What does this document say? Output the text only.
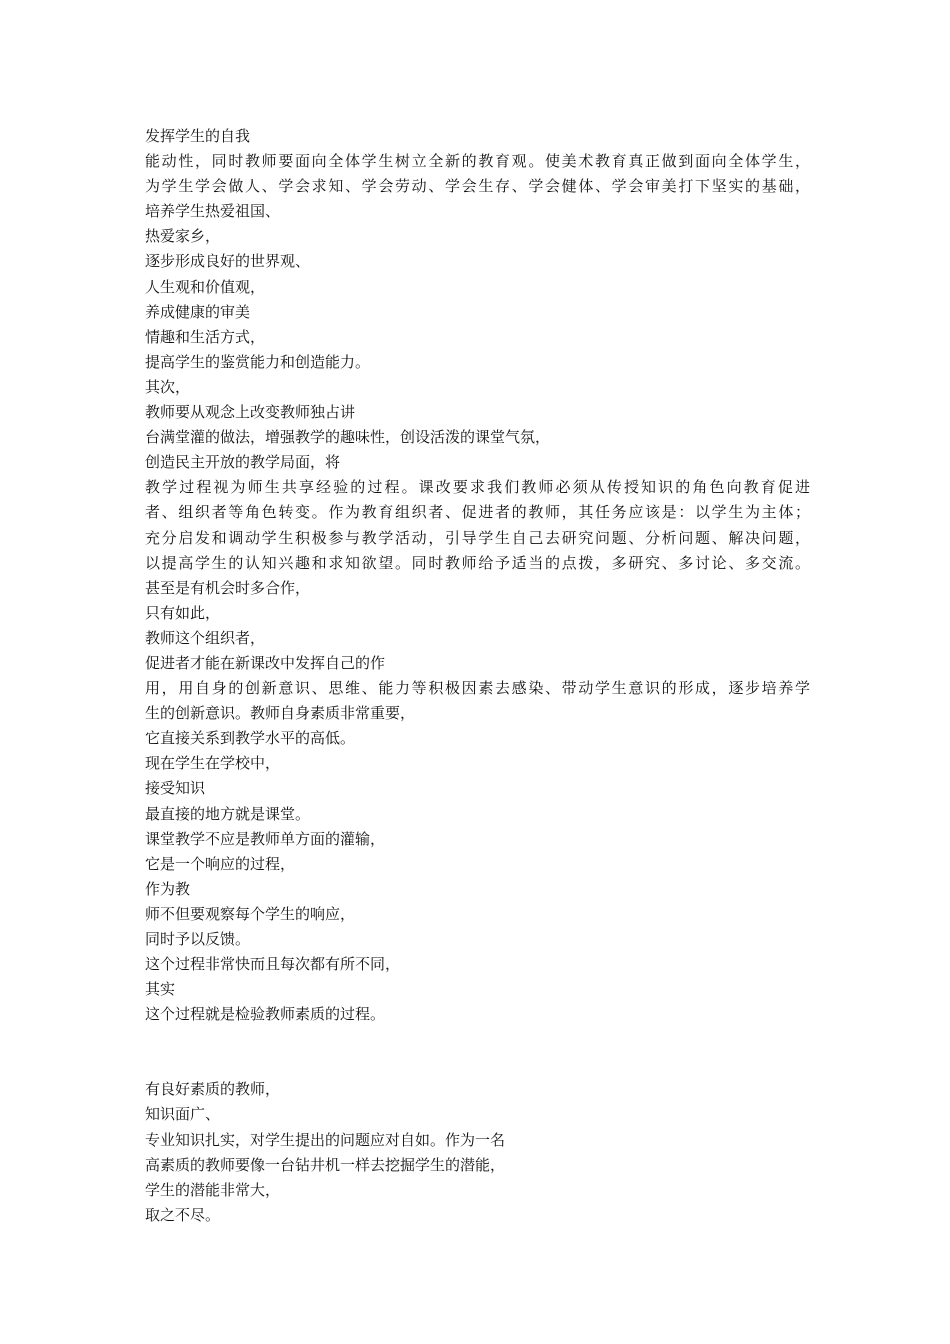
发挥学生的自我
能动性，同时教师要面向全体学生树立全新的教育观。使美术教育真正做到面向全体学生，
为学生学会做人、学会求知、学会劳动、学会生存、学会健体、学会审美打下坚实的基础，
培养学生热爱祖国、
热爱家乡，
逐步形成良好的世界观、
人生观和价值观，
养成健康的审美
情趣和生活方式，
提高学生的鉴赏能力和创造能力。
其次，
教师要从观念上改变教师独占讲
台满堂灌的做法，增强教学的趣味性，创设活泼的课堂气氛，
创造民主开放的教学局面，将
教学过程视为师生共享经验的过程。课改要求我们教师必须从传授知识的角色向教育促进
者、组织者等角色转变。作为教育组织者、促进者的教师，其任务应该是：以学生为主体；
充分启发和调动学生积极参与教学活动，引导学生自己去研究问题、分析问题、解决问题，
以提高学生的认知兴趣和求知欲望。同时教师给予适当的点拨，多研究、多讨论、多交流。
甚至是有机会时多合作，
只有如此，
教师这个组织者，
促进者才能在新课改中发挥自己的作
用，用自身的创新意识、思维、能力等积极因素去感染、带动学生意识的形成，逐步培养学
生的创新意识。教师自身素质非常重要，
它直接关系到教学水平的高低。
现在学生在学校中，
接受知识
最直接的地方就是课堂。
课堂教学不应是教师单方面的灌输，
它是一个响应的过程，
作为教
师不但要观察每个学生的响应，
同时予以反馈。
这个过程非常快而且每次都有所不同，
其实
这个过程就是检验教师素质的过程。
有良好素质的教师，
知识面广、
专业知识扎实，对学生提出的问题应对自如。作为一名
高素质的教师要像一台钻井机一样去挖掘学生的潜能，
学生的潜能非常大，
取之不尽。
